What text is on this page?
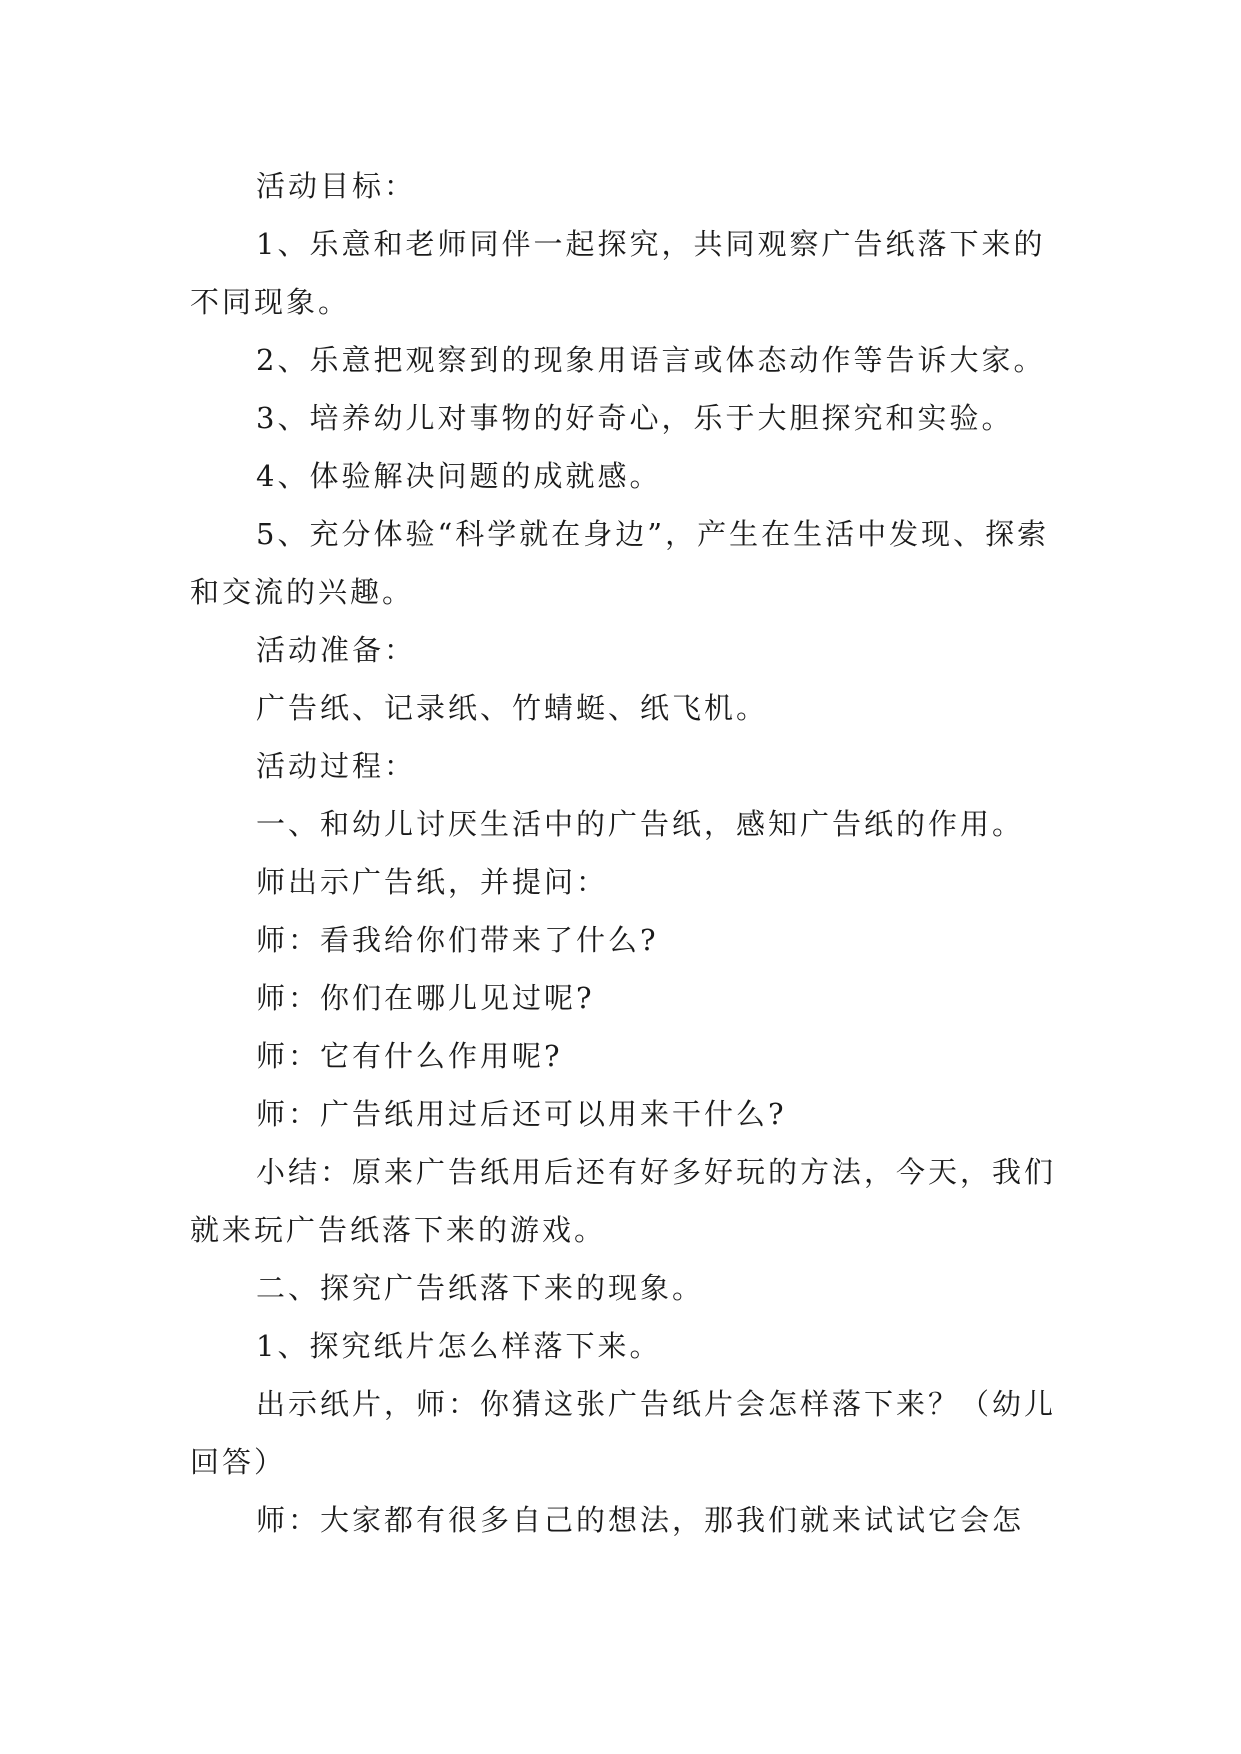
活动目标：

1、乐意和老师同伴一起探究，共同观察广告纸落下来的不同现象。

2、乐意把观察到的现象用语言或体态动作等告诉大家。

3、培养幼儿对事物的好奇心，乐于大胆探究和实验。

4、体验解决问题的成就感。

5、充分体验“科学就在身边”，产生在生活中发现、探索和交流的兴趣。

活动准备：

广告纸、记录纸、竹蜻蜓、纸飞机。

活动过程：

一、和幼儿讨厌生活中的广告纸，感知广告纸的作用。

师出示广告纸，并提问：

师：看我给你们带来了什么?

师：你们在哪儿见过呢?

师：它有什么作用呢?

师：广告纸用过后还可以用来干什么?

小结：原来广告纸用后还有好多好玩的方法，今天，我们就来玩广告纸落下来的游戏。

二、探究广告纸落下来的现象。

1、探究纸片怎么样落下来。

出示纸片，师：你猜这张广告纸片会怎样落下来？（幼儿回答）

师：大家都有很多自己的想法，那我们就来试试它会怎
